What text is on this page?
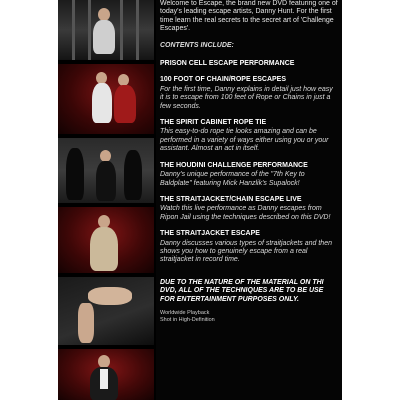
Welcome to Escape, the brand new DVD featuring one of today's leading escape artists, Danny Hunt. For the first time learn the real secrets to the secret art of 'Challenge Escapes'.

CONTENTS INCLUDE:

PRISON CELL ESCAPE PERFORMANCE

100 FOOT OF CHAIN/ROPE ESCAPES

For the first time, Danny explains in detail just how easy it is to escape from 100 feet of Rope or Chains in just a few seconds.

THE SPIRIT CABINET ROPE TIE

This easy-to-do rope tie looks amazing and can be performed in a variety of ways either using you or your assistant. Almost an act in itself.

THE HOUDINI CHALLENGE PERFORMANCE

Danny's unique performance of the "7th Key to Baldplate" featuring Mick Hanzlik's Supalock!

THE STRAITJACKET/CHAIN ESCAPE LIVE

Watch this live performance as Danny escapes from Ripon Jail using the techniques described on this DVD!

THE STRAITJACKET ESCAPE

Danny discusses various types of straitjackets and then shows you how to genuinely escape from a real straitjacket in record time.

DUE TO THE NATURE OF THE MATERIAL ON THI
DVD, ALL OF THE TECHNIQUES ARE TO BE USE
FOR ENTERTAINMENT PURPOSES ONLY.

Worldwide Playback

Shot in High-Definition
